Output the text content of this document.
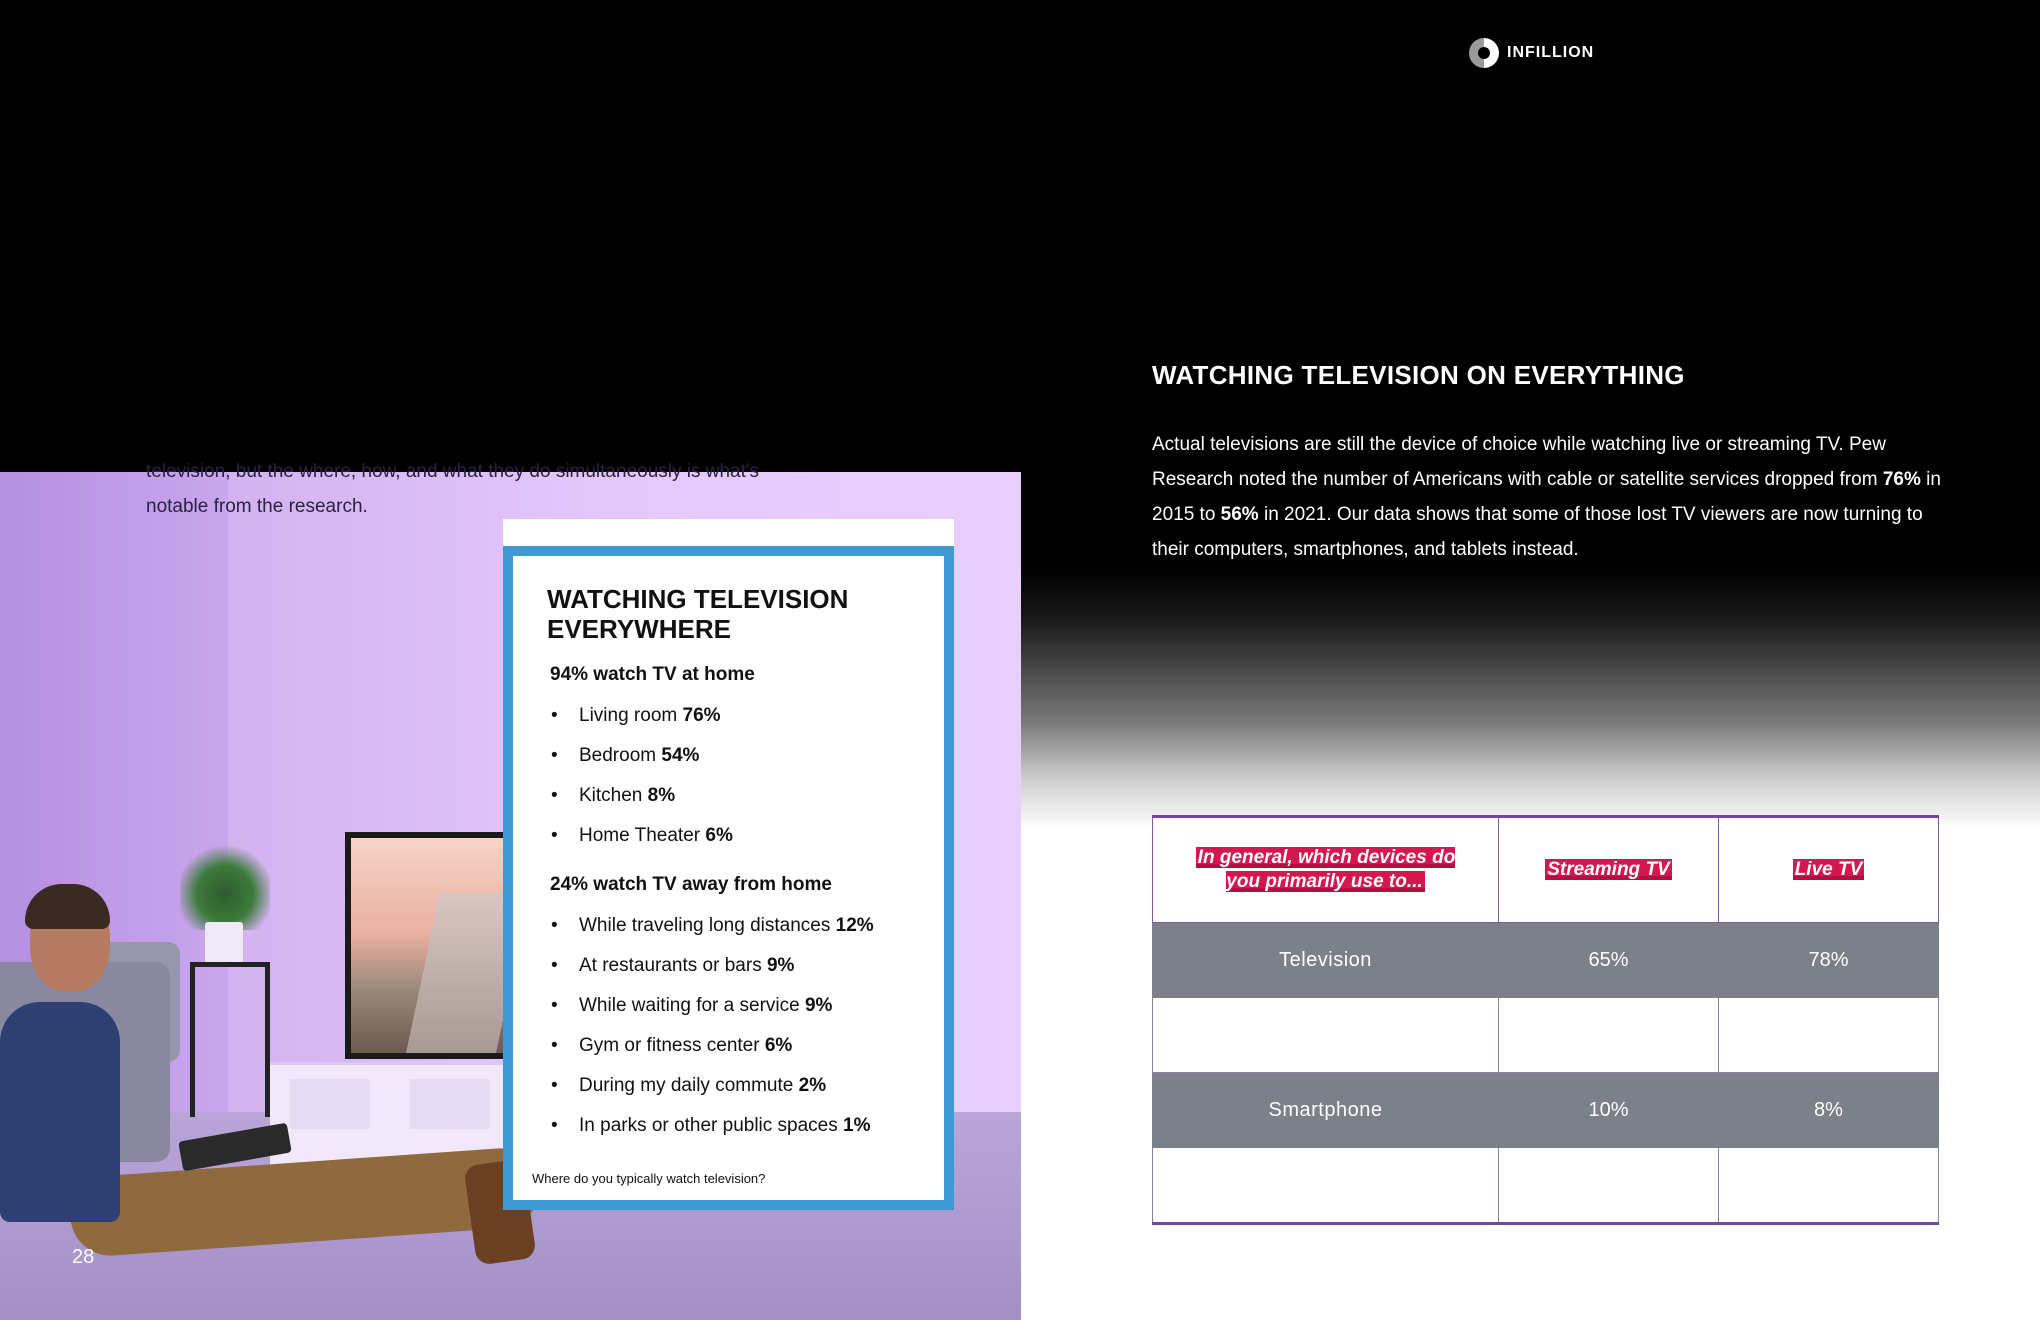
INFILLION
television, but the where, how, and what they do simultaneously is what's
notable from the research.
WATCHING TELEVISION EVERYWHERE
94% watch TV at home
• Living room 76%
• Bedroom 54%
• Kitchen 8%
• Home Theater 6%
24% watch TV away from home
• While traveling long distances 12%
• At restaurants or bars 9%
• While waiting for a service 9%
• Gym or fitness center 6%
• During my daily commute 2%
• In parks or other public spaces 1%
Where do you typically watch television?
28
WATCHING TELEVISION ON EVERYTHING

Actual televisions are still the device of choice while watching live or streaming TV. Pew Research noted the number of Americans with cable or satellite services dropped from 76% in 2015 to 56% in 2021. Our data shows that some of those lost TV viewers are now turning to their computers, smartphones, and tablets instead.

In general, which devices do you primarily use to...	Streaming TV	Live TV
Television	65%	78%

Smartphone	10%	8%
